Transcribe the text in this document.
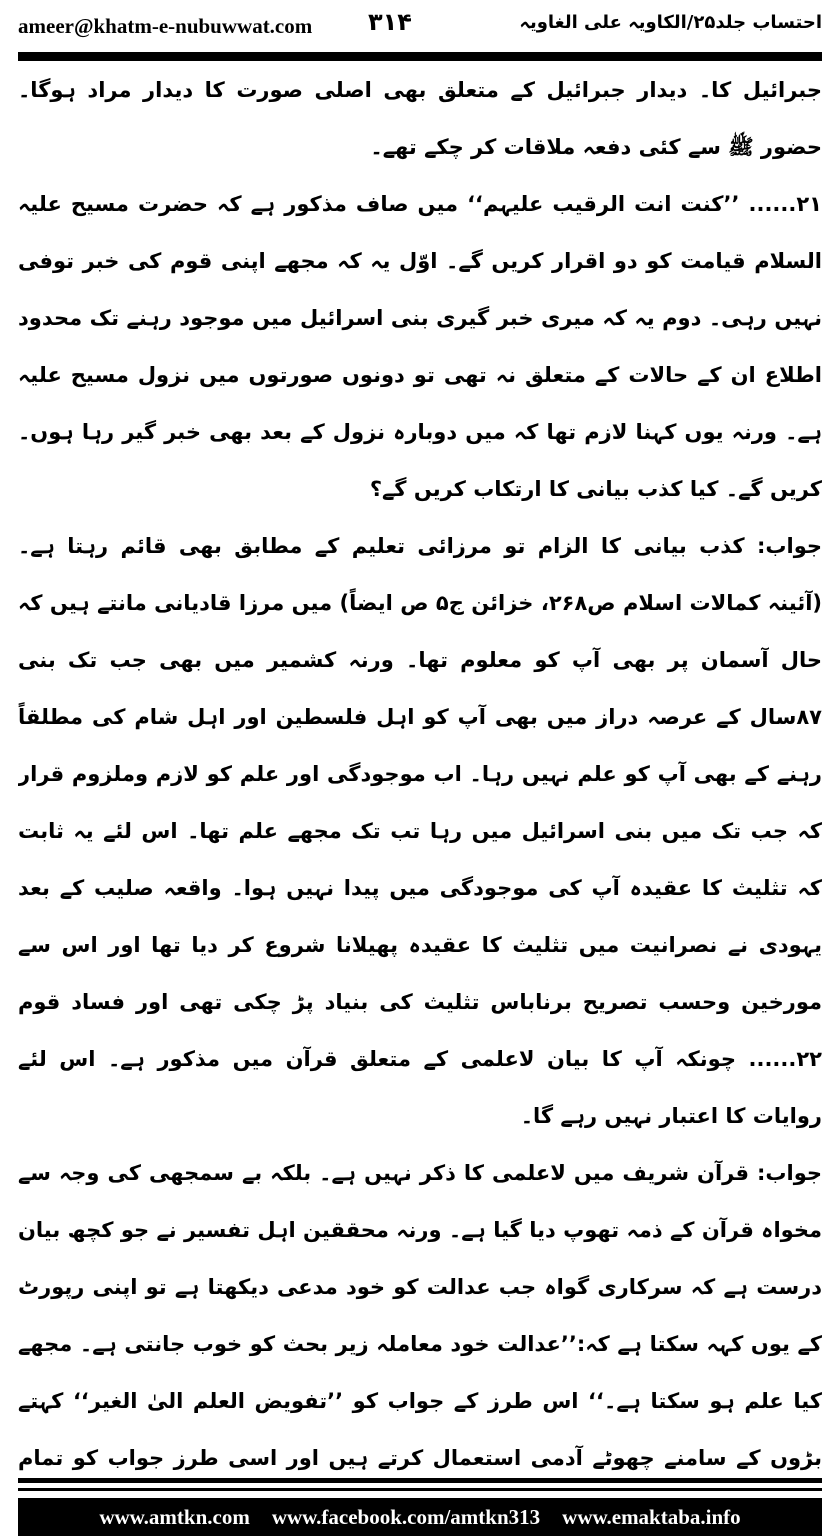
ameer@khatm-e-nubuwwat.com ۳۱۴	احتساب جلد۲۵/الکاویہ علی الغاویہ
جبرائیل کا۔ دیدار جبرائیل کے متعلق بھی اصلی صورت کا دیدار مراد ہوگا۔
حضور ﷺ سے کئی دفعہ ملاقات کر چکے تھے۔
۲۱...... ’’کنت انت الرقیب علیہم‘‘ میں صاف مذکور ہے کہ حضرت مسیح علیہ
السلام قیامت کو دو اقرار کریں گے۔ اوّل یہ کہ مجھے اپنی قوم کی خبر توفی
نہیں رہی۔ دوم یہ کہ میری خبر گیری بنی اسرائیل میں موجود رہنے تک محدود
اطلاع ان کے حالات کے متعلق نہ تھی تو دونوں صورتوں میں نزول مسیح علیہ
ہے۔ ورنہ یوں کہنا لازم تھا کہ میں دوبارہ نزول کے بعد بھی خبر گیر رہا ہوں۔
کریں گے۔ کیا کذب بیانی کا ارتکاب کریں گے؟
جواب: کذب بیانی کا الزام تو مرزائی تعلیم کے مطابق بھی قائم رہتا ہے۔
(آئینہ کمالات اسلام ص۲۶۸، خزائن ج۵ ص ایضاً) میں مرزا قادیانی مانتے ہیں کہ
حال آسمان پر بھی آپ کو معلوم تھا۔ ورنہ کشمیر میں بھی جب تک بنی
۸۷سال کے عرصہ دراز میں بھی آپ کو اہل فلسطین اور اہل شام کی مطلقاً
رہنے کے بھی آپ کو علم نہیں رہا۔ اب موجودگی اور علم کو لازم وملزوم قرار
کہ جب تک میں بنی اسرائیل میں رہا تب تک مجھے علم تھا۔ اس لئے یہ ثابت
کہ تثلیث کا عقیدہ آپ کی موجودگی میں پیدا نہیں ہوا۔ واقعہ صلیب کے بعد
یہودی نے نصرانیت میں تثلیث کا عقیدہ پھیلانا شروع کر دیا تھا اور اس سے
مورخین وحسب تصریح برناباس تثلیث کی بنیاد پڑ چکی تھی اور فساد قوم
۲۲...... چونکہ آپ کا بیان لاعلمی کے متعلق قرآن میں مذکور ہے۔ اس لئے
روایات کا اعتبار نہیں رہے گا۔
جواب: قرآن شریف میں لاعلمی کا ذکر نہیں ہے۔ بلکہ بے سمجھی کی وجہ سے
مخواہ قرآن کے ذمہ تھوپ دیا گیا ہے۔ ورنہ محققین اہل تفسیر نے جو کچھ بیان
درست ہے کہ سرکاری گواہ جب عدالت کو خود مدعی دیکھتا ہے تو اپنی رپورٹ
کے یوں کہہ سکتا ہے کہ:’’عدالت خود معاملہ زیر بحث کو خوب جانتی ہے۔ مجھے
کیا علم ہو سکتا ہے۔‘‘ اس طرز کے جواب کو ’’تفویض العلم الیٰ الغیر‘‘ کہتے
بڑوں کے سامنے چھوٹے آدمی استعمال کرتے ہیں اور اسی طرز جواب کو تمام
www.amtkn.com www.facebook.com/amtkn313 www.emaktaba.info
